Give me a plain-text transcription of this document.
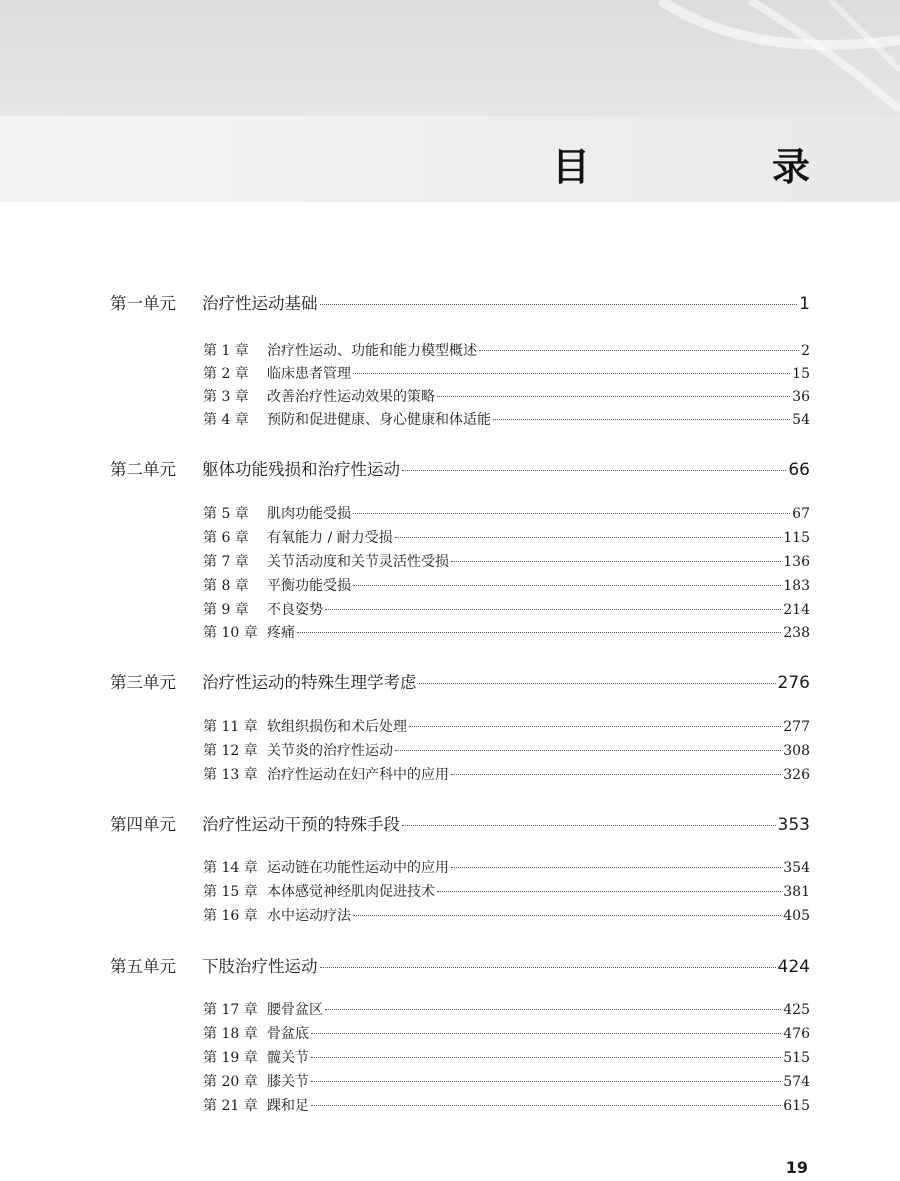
目　录
第一单元	治疗性运动基础	1
第 1 章	治疗性运动、功能和能力模型概述	2
第 2 章	临床患者管理	15
第 3 章	改善治疗性运动效果的策略	36
第 4 章	预防和促进健康、身心健康和体适能	54
第二单元	躯体功能残损和治疗性运动	66
第 5 章	肌肉功能受损	67
第 6 章	有氧能力 / 耐力受损	115
第 7 章	关节活动度和关节灵活性受损	136
第 8 章	平衡功能受损	183
第 9 章	不良姿势	214
第 10 章 疼痛	238
第三单元	治疗性运动的特殊生理学考虑	276
第 11 章 软组织损伤和术后处理	277
第 12 章 关节炎的治疗性运动	308
第 13 章 治疗性运动在妇产科中的应用	326
第四单元	治疗性运动干预的特殊手段	353
第 14 章 运动链在功能性运动中的应用	354
第 15 章 本体感觉神经肌肉促进技术	381
第 16 章 水中运动疗法	405
第五单元	下肢治疗性运动	424
第 17 章 腰骨盆区	425
第 18 章 骨盆底	476
第 19 章 髋关节	515
第 20 章 膝关节	574
第 21 章 踝和足	615
19
